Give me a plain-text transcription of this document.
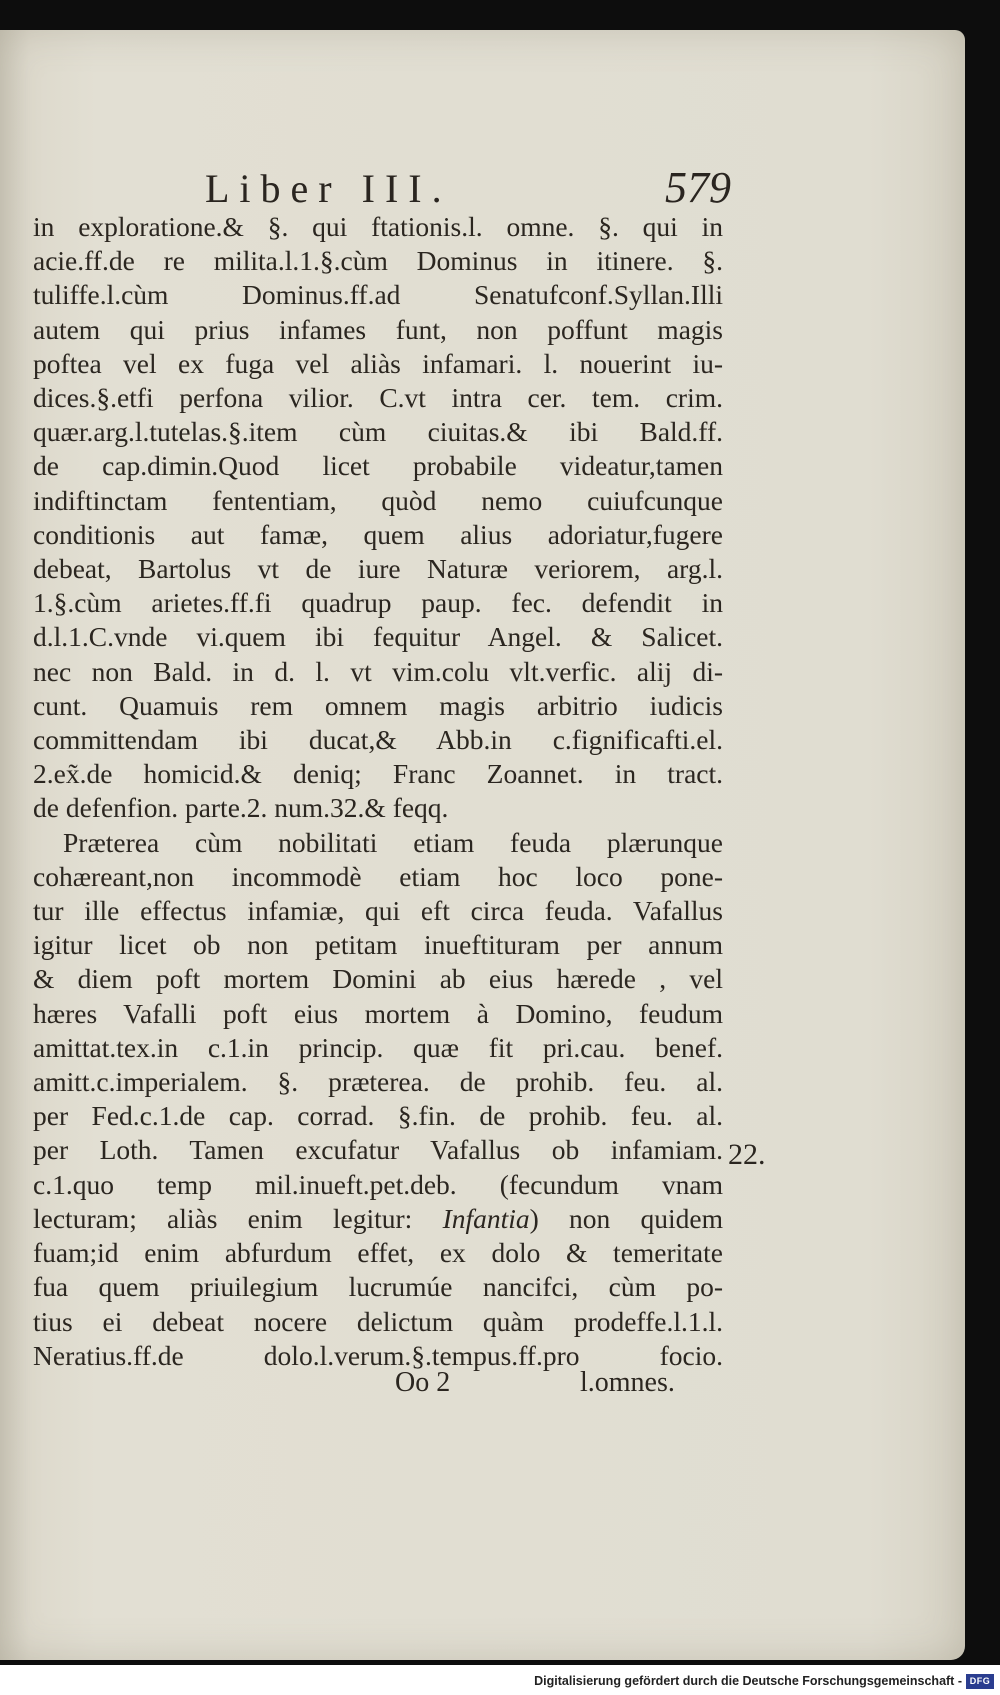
Liber III.	579
in exploratione.& §. qui ftationis.l. omne. §. qui in
acie.ff.de re milita.l.1.§.cùm Dominus in itinere. §.
tuliffe.l.cùm Dominus.ff.ad Senatufconf.Syllan.Illi
autem qui prius infames funt, non poffunt magis
poftea vel ex fuga vel aliàs infamari. l. nouerint iu-
dices.§.etfi perfona vilior. C.vt intra cer. tem. crim.
quær.arg.l.tutelas.§.item cùm ciuitas.& ibi Bald.ff.
de cap.dimin.Quod licet probabile videatur,tamen
indiftinctam fententiam, quòd nemo cuiufcunque
conditionis aut famæ, quem alius adoriatur,fugere
debeat, Bartolus vt de iure Naturæ veriorem, arg.l.
1.§.cùm arietes.ff.fi quadrup paup. fec. defendit in
d.l.1.C.vnde vi.quem ibi fequitur Angel. & Salicet.
nec non Bald. in d. l. vt vim.colu vlt.verfic. alij di-
cunt. Quamuis rem omnem magis arbitrio iudicis
committendam ibi ducat,& Abb.in c.fignificafti.el.
2.ex̃.de homicid.& deniq; Franc Zoannet. in tract.
de defenfion. parte.2. num.32.& feqq.
Præterea cùm nobilitati etiam feuda plærunque
cohæreant,non incommodè etiam hoc loco pone-
tur ille effectus infamiæ, qui eft circa feuda. Vafallus
igitur licet ob non petitam inueftituram per annum
& diem poft mortem Domini ab eius hærede , vel
hæres Vafalli poft eius mortem à Domino, feudum
amittat.tex.in c.1.in princip. quæ fit pri.cau. benef.
amitt.c.imperialem. §. præterea. de prohib. feu. al.
per Fed.c.1.de cap. corrad. §.fin. de prohib. feu. al.
per Loth. Tamen excufatur Vafallus ob infamiam.
c.1.quo temp mil.inueft.pet.deb. (fecundum vnam
lecturam; aliàs enim legitur: Infantia) non quidem
fuam;id enim abfurdum effet, ex dolo & temeritate
fua quem priuilegium lucrumúe nancifci, cùm po-
tius ei debeat nocere delictum quàm prodeffe.l.1.l.
Neratius.ff.de dolo.l.verum.§.tempus.ff.pro focio.
22.
Oo 2	l.omnes.
Digitalisierung gefördert durch die Deutsche Forschungsgemeinschaft - DFG
